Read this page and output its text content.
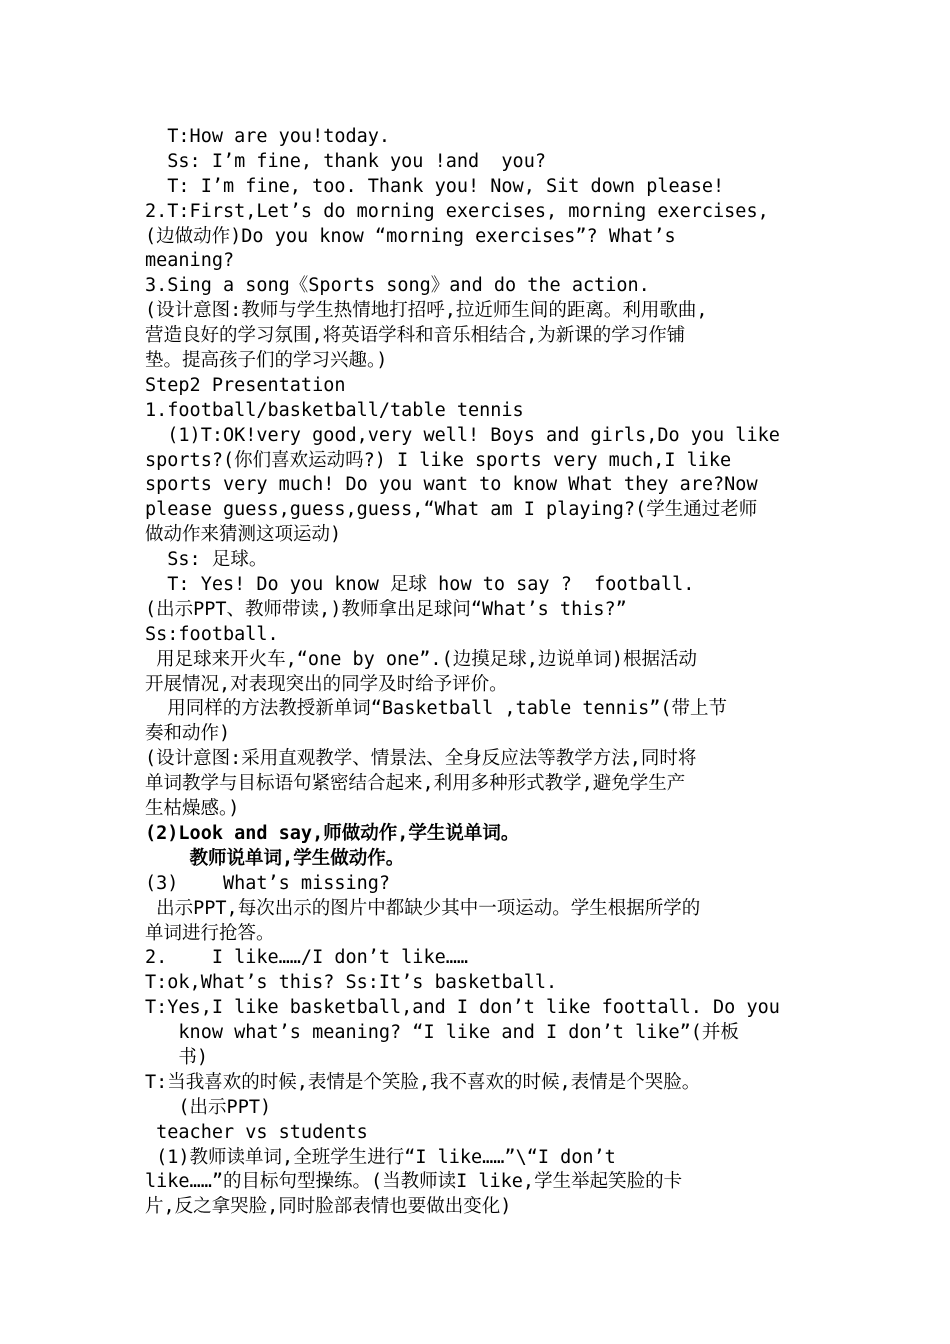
T:How are you!today.
Ss: I’m fine, thank you !and  you?
T: I’m fine, too. Thank you! Now, Sit down please!
2.T:First,Let’s do morning exercises, morning exercises,
(边做动作)Do you know “morning exercises”? What’s
meaning?
3.Sing a song《Sports song》and do the action.
(设计意图:教师与学生热情地打招呼,拉近师生间的距离。利用歌曲,
营造良好的学习氛围,将英语学科和音乐相结合,为新课的学习作铺
垫。提高孩子们的学习兴趣。)
Step2 Presentation
1.football/basketball/table tennis
(1)T:OK!very good,very well! Boys and girls,Do you like
sports?(你们喜欢运动吗?) I like sports very much,I like
sports very much! Do you want to know What they are?Now
please guess,guess,guess,“What am I playing?(学生通过老师
做动作来猜测这项运动)
Ss: 足球。
T: Yes! Do you know 足球 how to say ?  football.
(出示PPT、教师带读,)教师拿出足球问“What’s this?”
Ss:football.
用足球来开火车,“one by one”.(边摸足球,边说单词)根据活动
开展情况,对表现突出的同学及时给予评价。
用同样的方法教授新单词“Basketball ,table tennis”(带上节
奏和动作)
(设计意图:采用直观教学、情景法、全身反应法等教学方法,同时将
单词教学与目标语句紧密结合起来,利用多种形式教学,避免学生产
生枯燥感。)
(2)Look and say,师做动作,学生说单词。
教师说单词,学生做动作。
(3)    What’s missing?
出示PPT,每次出示的图片中都缺少其中一项运动。学生根据所学的
单词进行抢答。
2.    I like……/I don’t like……
T:ok,What’s this? Ss:It’s basketball.
T:Yes,I like basketball,and I don’t like foottall. Do you
know what’s meaning? “I like and I don’t like”(并板
书)
T:当我喜欢的时候,表情是个笑脸,我不喜欢的时候,表情是个哭脸。
(出示PPT)
teacher vs students
(1)教师读单词,全班学生进行“I like……”\“I don’t
like……”的目标句型操练。(当教师读I like,学生举起笑脸的卡
片,反之拿哭脸,同时脸部表情也要做出变化)
